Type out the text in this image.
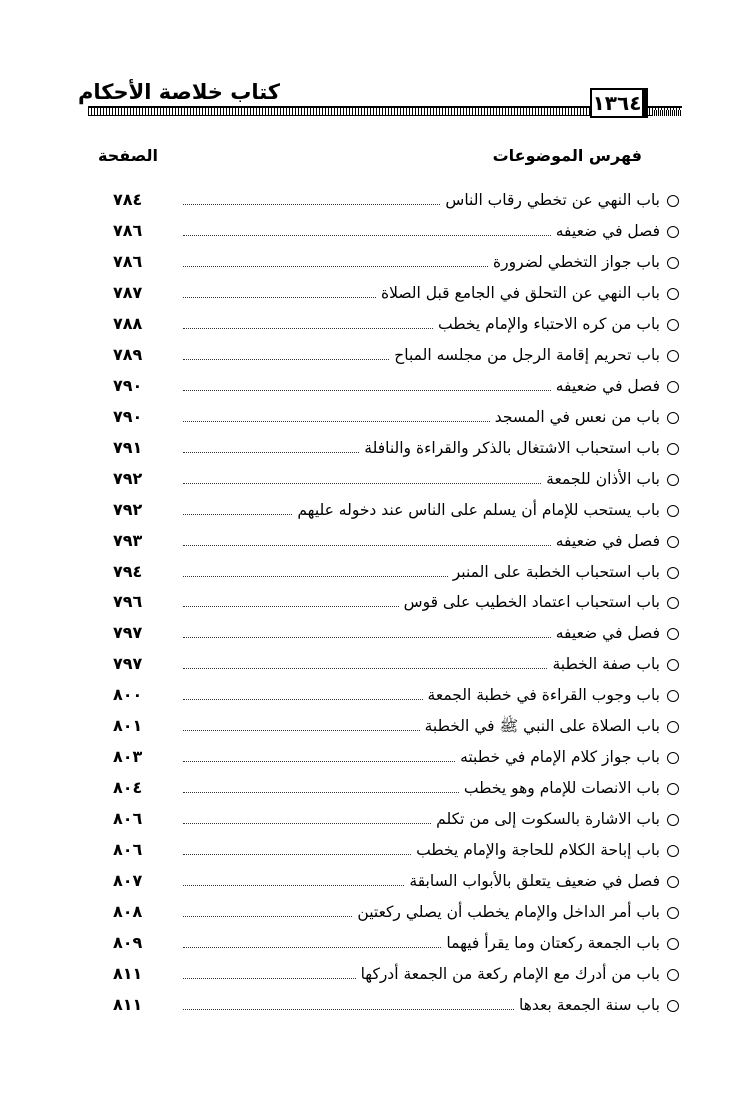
كتاب خلاصة الأحكام	١٣٦٤
فهرس الموضوعات
الصفحة
باب النهي عن تخطي رقاب الناس
٧٨٤
فصل في ضعيفه
٧٨٦
باب جواز التخطي لضرورة
٧٨٦
باب النهي عن التحلق في الجامع قبل الصلاة
٧٨٧
باب من كره الاحتباء والإمام يخطب
٧٨٨
باب تحريم إقامة الرجل من مجلسه المباح
٧٨٩
فصل في ضعيفه
٧٩٠
باب من نعس في المسجد
٧٩٠
باب استحباب الاشتغال بالذكر والقراءة والنافلة
٧٩١
باب الأذان للجمعة
٧٩٢
باب يستحب للإمام أن يسلم على الناس عند دخوله عليهم
٧٩٢
فصل في ضعيفه
٧٩٣
باب استحباب الخطبة على المنبر
٧٩٤
باب استحباب اعتماد الخطيب على قوس
٧٩٦
فصل في ضعيفه
٧٩٧
باب صفة الخطبة
٧٩٧
باب وجوب القراءة في خطبة الجمعة
٨٠٠
باب الصلاة على النبي ﷺ في الخطبة
٨٠١
باب جواز كلام الإمام في خطبته
٨٠٣
باب الانصات للإمام وهو يخطب
٨٠٤
باب الاشارة بالسكوت إلى من تكلم
٨٠٦
باب إباحة الكلام للحاجة والإمام يخطب
٨٠٦
فصل في ضعيف يتعلق بالأبواب السابقة
٨٠٧
باب أمر الداخل والإمام يخطب أن يصلي ركعتين
٨٠٨
باب الجمعة ركعتان وما يقرأ فيهما
٨٠٩
باب من أدرك مع الإمام ركعة من الجمعة أدركها
٨١١
باب سنة الجمعة بعدها
٨١١
